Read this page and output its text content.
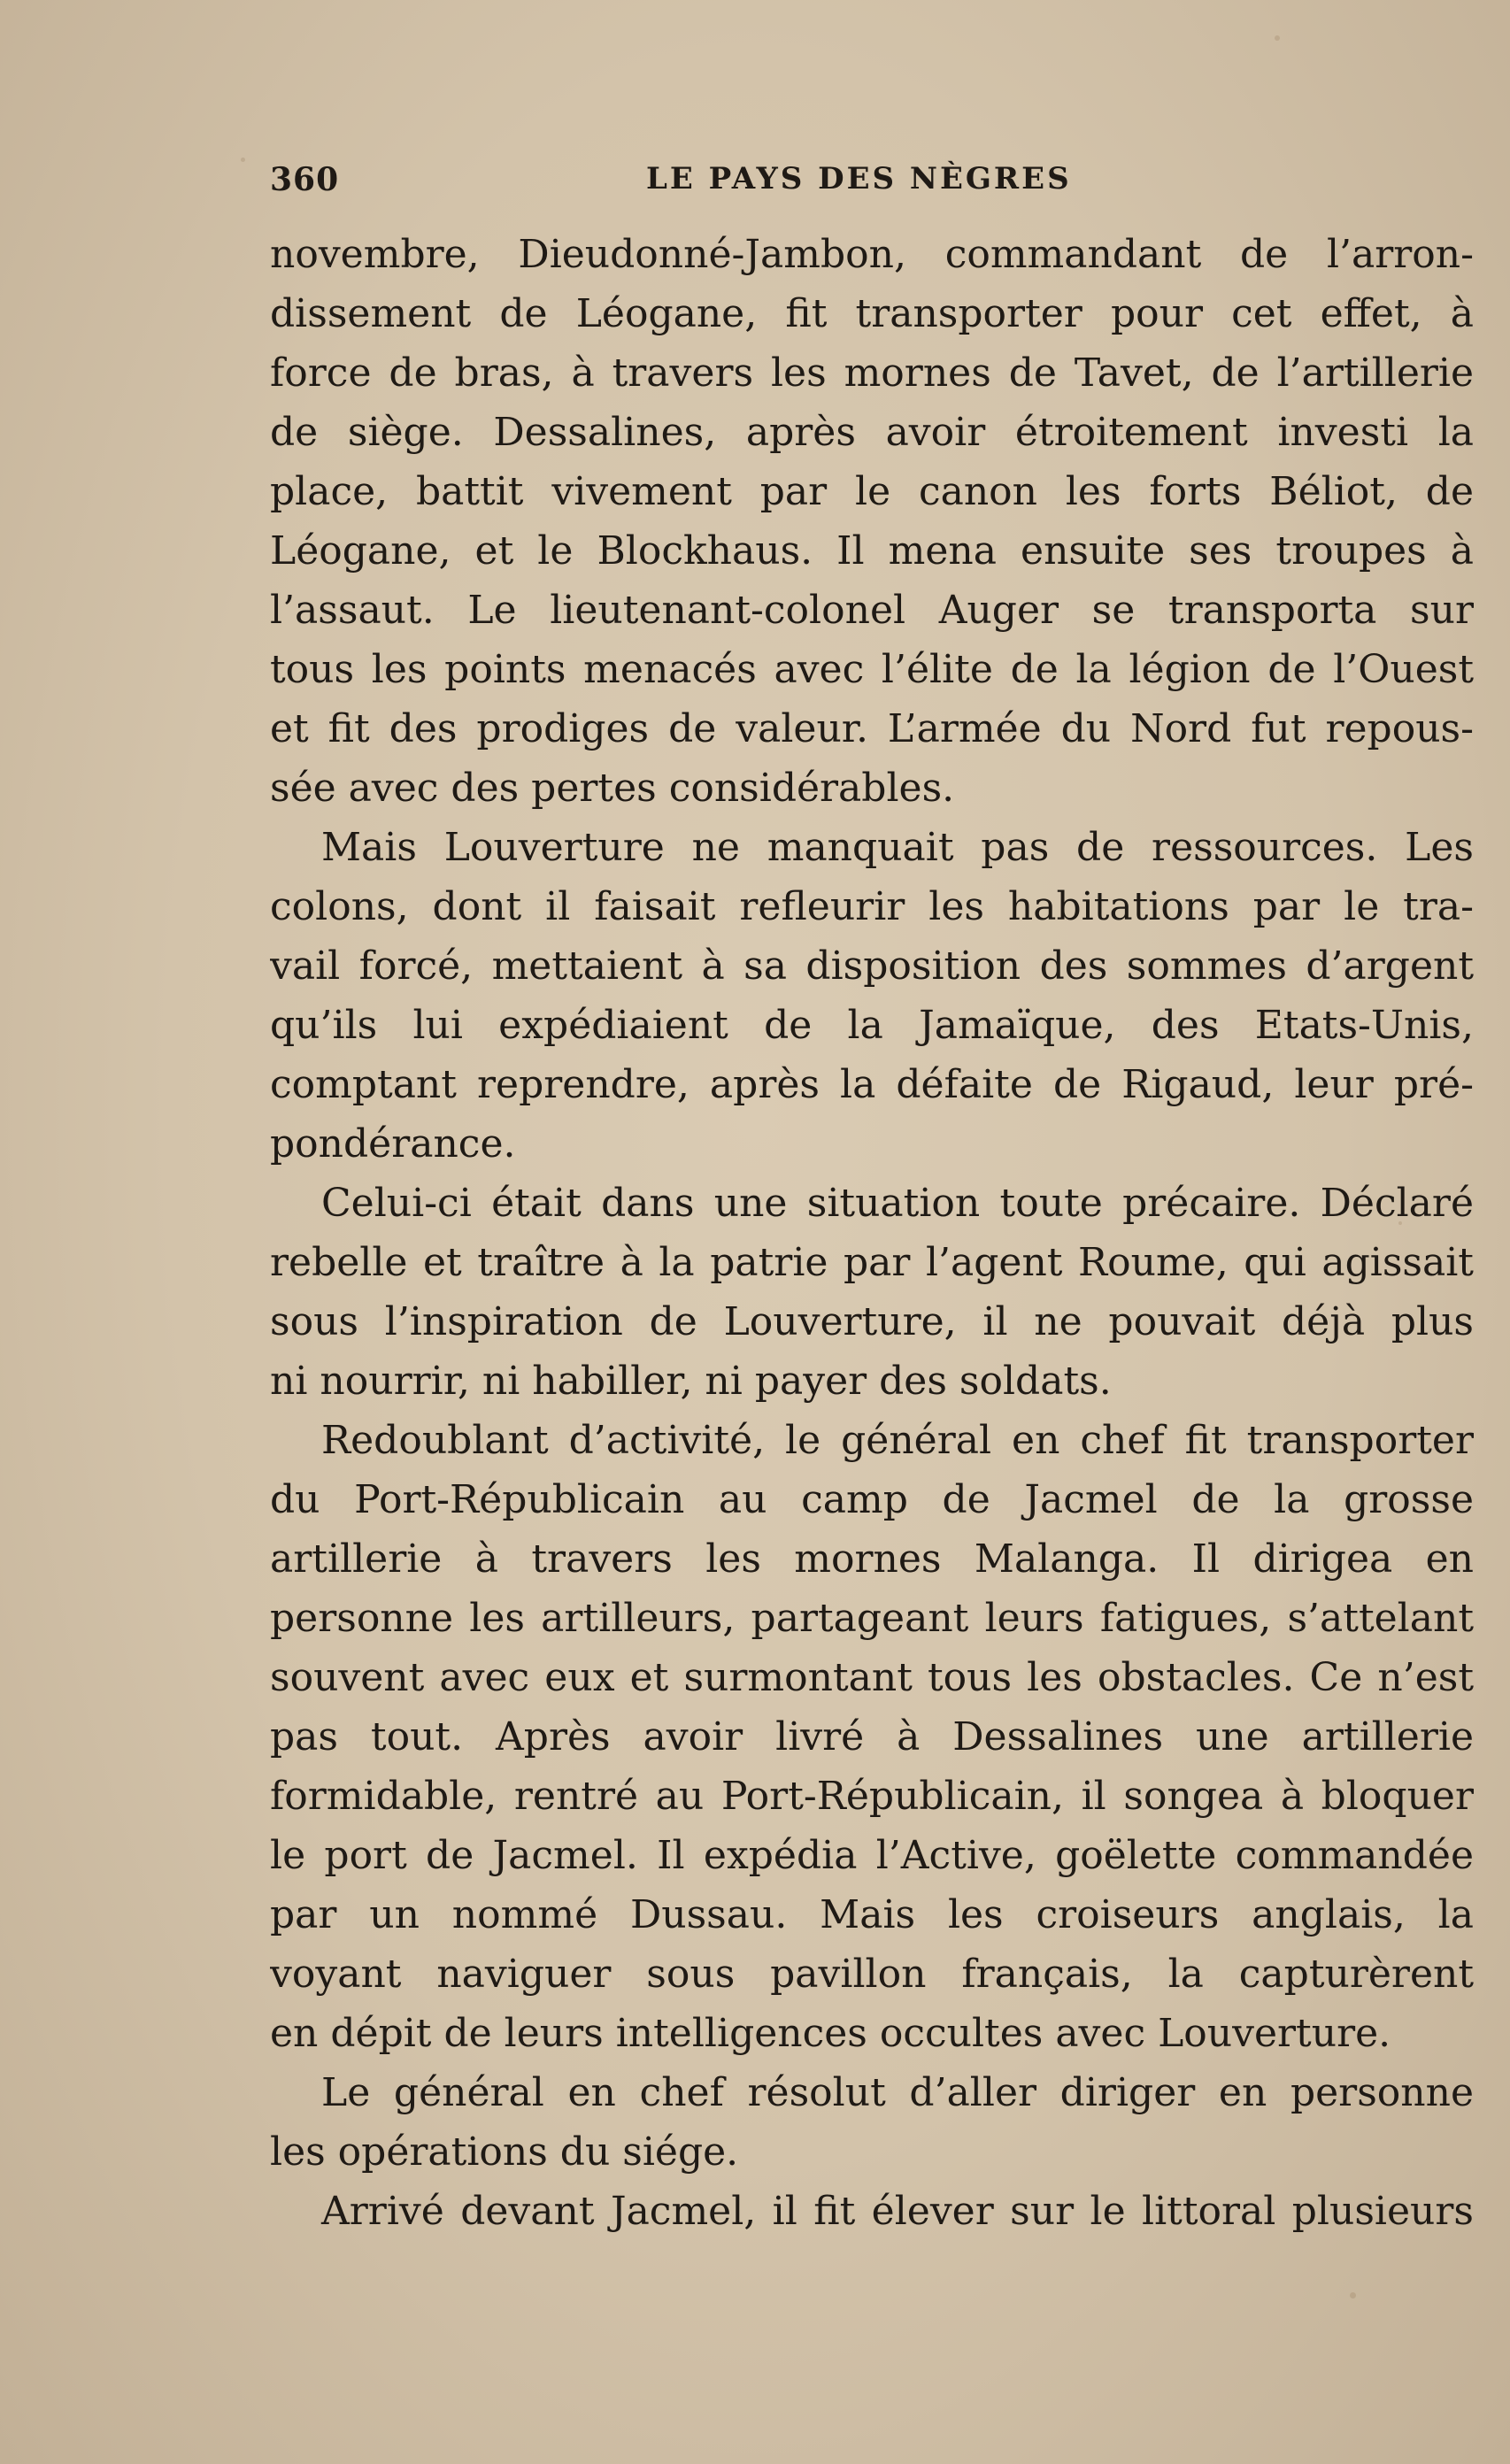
360	LE PAYS DES NÈGRES
novembre, Dieudonné-Jambon, commandant de l’arron-
dissement de Léogane, fit transporter pour cet effet, à
force de bras, à travers les mornes de Tavet, de l’artillerie
de siège. Dessalines, après avoir étroitement investi la
place, battit vivement par le canon les forts Béliot, de
Léogane, et le Blockhaus. Il mena ensuite ses troupes à
l’assaut. Le lieutenant-colonel Auger se transporta sur
tous les points menacés avec l’élite de la légion de l’Ouest
et fit des prodiges de valeur. L’armée du Nord fut repous-
sée avec des pertes considérables.
Mais Louverture ne manquait pas de ressources. Les
colons, dont il faisait refleurir les habitations par le tra-
vail forcé, mettaient à sa disposition des sommes d’argent
qu’ils lui expédiaient de la Jamaïque, des Etats-Unis,
comptant reprendre, après la défaite de Rigaud, leur pré-
pondérance.
Celui-ci était dans une situation toute précaire. Déclaré
rebelle et traître à la patrie par l’agent Roume, qui agissait
sous l’inspiration de Louverture, il ne pouvait déjà plus
ni nourrir, ni habiller, ni payer des soldats.
Redoublant d’activité, le général en chef fit transporter
du Port-Républicain au camp de Jacmel de la grosse
artillerie à travers les mornes Malanga. Il dirigea en
personne les artilleurs, partageant leurs fatigues, s’attelant
souvent avec eux et surmontant tous les obstacles. Ce n’est
pas tout. Après avoir livré à Dessalines une artillerie
formidable, rentré au Port-Républicain, il songea à bloquer
le port de Jacmel. Il expédia l’Active, goëlette commandée
par un nommé Dussau. Mais les croiseurs anglais, la
voyant naviguer sous pavillon français, la capturèrent
en dépit de leurs intelligences occultes avec Louverture.
Le général en chef résolut d’aller diriger en personne
les opérations du siége.
Arrivé devant Jacmel, il fit élever sur le littoral plusieurs
